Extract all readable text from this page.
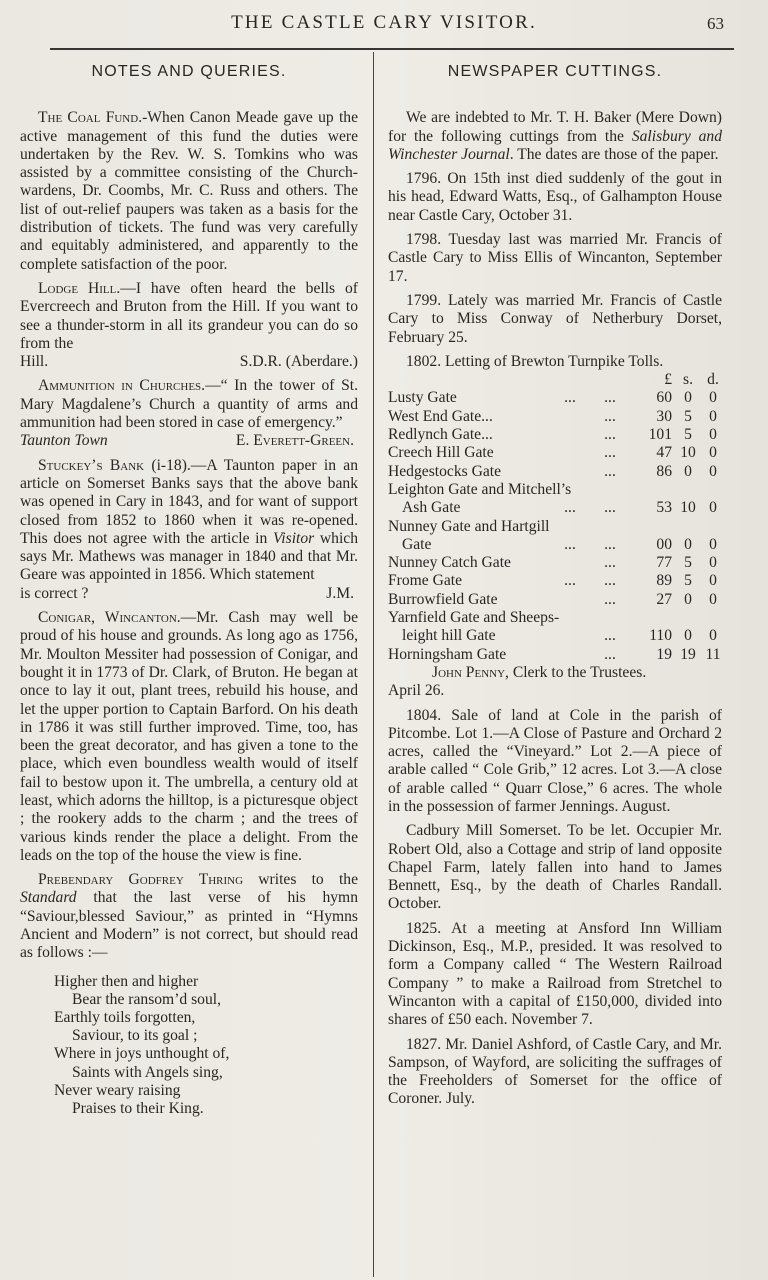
THE CASTLE CARY VISITOR.	63
NOTES AND QUERIES.

The Coal Fund.-When Canon Meade gave up the active management of this fund the duties were undertaken by the Rev. W. S. Tomkins who was assisted by a committee consisting of the Church-wardens, Dr. Coombs, Mr. C. Russ and others. The list of out-relief paupers was taken as a basis for the distribution of tickets. The fund was very carefully and equitably administered, and apparently to the complete satisfaction of the poor.

Lodge Hill.—I have often heard the bells of Evercreech and Bruton from the Hill. If you want to see a thunder-storm in all its grandeur you can do so from the

Hill.	S.D.R. (Aberdare.)

Ammunition in Churches.—“ In the tower of St. Mary Magdalene’s Church a quantity of arms and ammunition had been stored in case of emergency.”

Taunton Town	E. Everett-Green.

Stuckey’s Bank (i-18).—A Taunton paper in an article on Somerset Banks says that the above bank was opened in Cary in 1843, and for want of support closed from 1852 to 1860 when it was re-opened. This does not agree with the article in Visitor which says Mr. Mathews was manager in 1840 and that Mr. Geare was appointed in 1856. Which statement

is correct ?	J.M.

Conigar, Wincanton.—Mr. Cash may well be proud of his house and grounds. As long ago as 1756, Mr. Moulton Messiter had possession of Conigar, and bought it in 1773 of Dr. Clark, of Bruton. He began at once to lay it out, plant trees, rebuild his house, and let the upper portion to Captain Barford. On his death in 1786 it was still further improved. Time, too, has been the great decorator, and has given a tone to the place, which even boundless wealth would of itself fail to bestow upon it. The umbrella, a century old at least, which adorns the hilltop, is a picturesque object ; the rookery adds to the charm ; and the trees of various kinds render the place a delight. From the leads on the top of the house the view is fine.

Prebendary Godfrey Thring writes to the Standard that the last verse of his hymn “Saviour,blessed Saviour,” as printed in “Hymns Ancient and Modern” is not correct, but should read as follows :—

Higher then and higher
Bear the ransom’d soul,
Earthly toils forgotten,
Saviour, to its goal ;
Where in joys unthought of,
Saints with Angels sing,
Never weary raising
Praises to their King.
NEWSPAPER CUTTINGS.

We are indebted to Mr. T. H. Baker (Mere Down) for the following cuttings from the Salisbury and Winchester Journal. The dates are those of the paper.

1796. On 15th inst died suddenly of the gout in his head, Edward Watts, Esq., of Galhampton House near Castle Cary, October 31.

1798. Tuesday last was married Mr. Francis of Castle Cary to Miss Ellis of Wincanton, September 17.

1799. Lately was married Mr. Francis of Castle Cary to Miss Conway of Netherbury Dorset, February 25.

1802. Letting of Brewton Turnpike Tolls.

£ s. d.
Lusty Gate	...	...	60 0	0
West End Gate...	...	30 5	0
Redlynch Gate...	...	101 5	0
Creech Hill Gate	...	47 10 0
Hedgestocks Gate	...	86 0	0
Leighton Gate and Mitchell’s
Ash Gate	...	...	53 10 0
Nunney Gate and Hartgill
Gate	...	...	00 0	0
Nunney Catch Gate	...	77 5	0
Frome Gate	...	...	89 5	0
Burrowfield Gate	...	27 0	0
Yarnfield Gate and Sheeps-
leight hill Gate	...	110 0	0
Horningsham Gate	...	19 19 11
John Penny , Clerk to the Trustees.
April 26.

1804. Sale of land at Cole in the parish of Pitcombe. Lot 1.—A Close of Pasture and Orchard 2 acres, called the “Vineyard.” Lot 2.—A piece of arable called “ Cole Grib,” 12 acres. Lot 3.—A close of arable called “ Quarr Close,” 6 acres. The whole in the possession of farmer Jennings. August.

Cadbury Mill Somerset. To be let. Occupier Mr. Robert Old, also a Cottage and strip of land opposite Chapel Farm, lately fallen into hand to James Bennett, Esq., by the death of Charles Randall. October.

1825. At a meeting at Ansford Inn William Dickinson, Esq., M.P., presided. It was resolved to form a Company called “ The Western Railroad Company ” to make a Railroad from Stretchel to Wincanton with a capital of £150,000, divided into shares of £50 each. November 7.

1827. Mr. Daniel Ashford, of Castle Cary, and Mr. Sampson, of Wayford, are soliciting the suffrages of the Freeholders of Somerset for the office of Coroner. July.
